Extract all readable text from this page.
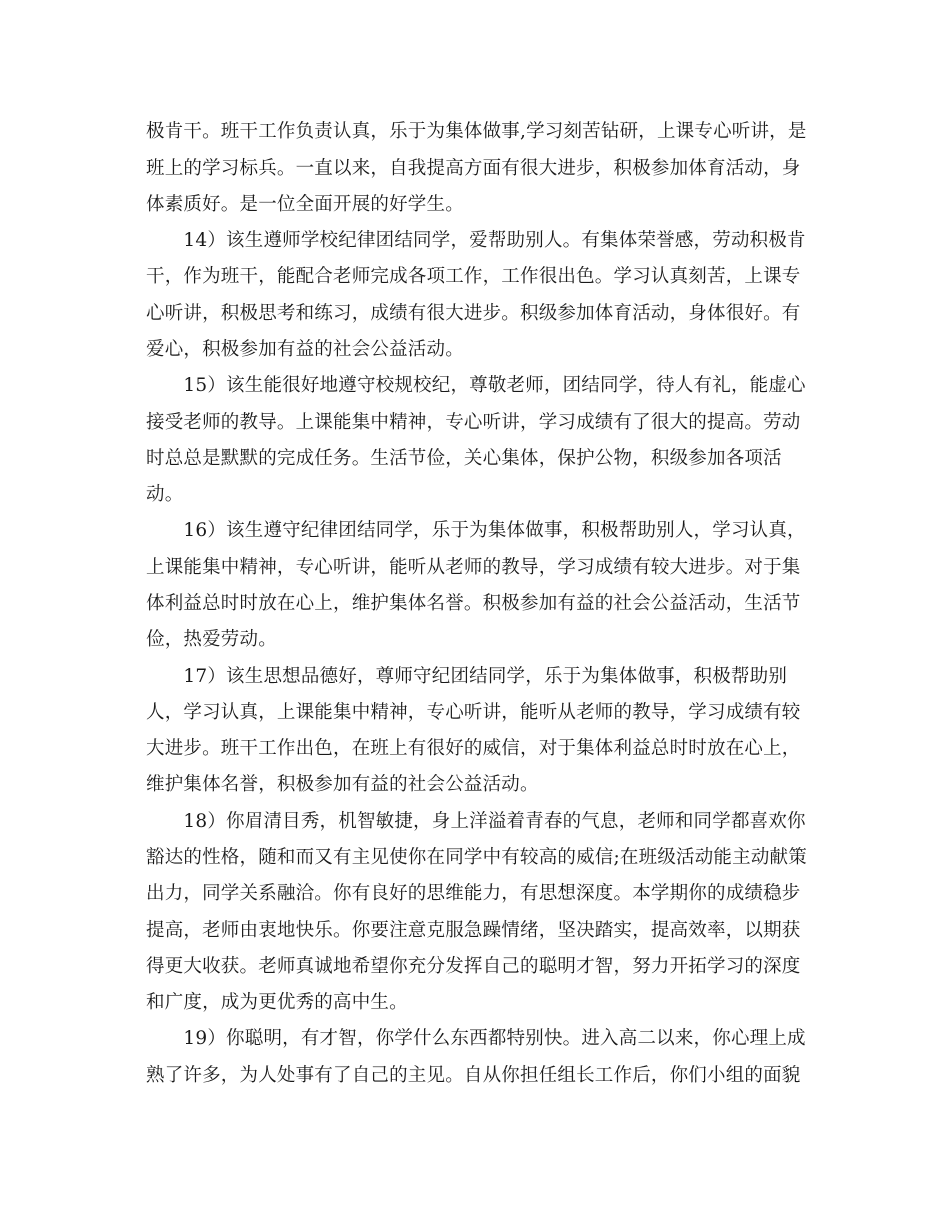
极肯干。班干工作负责认真，乐于为集体做事,学习刻苦钻研，上课专心听讲，是
班上的学习标兵。一直以来，自我提高方面有很大进步，积极参加体育活动，身
体素质好。是一位全面开展的好学生。
　　14）该生遵师学校纪律团结同学，爱帮助别人。有集体荣誉感，劳动积极肯
干，作为班干，能配合老师完成各项工作，工作很出色。学习认真刻苦，上课专
心听讲，积极思考和练习，成绩有很大进步。积级参加体育活动，身体很好。有
爱心，积极参加有益的社会公益活动。
　　15）该生能很好地遵守校规校纪，尊敬老师，团结同学，待人有礼，能虚心
接受老师的教导。上课能集中精神，专心听讲，学习成绩有了很大的提高。劳动
时总总是默默的完成任务。生活节俭，关心集体，保护公物，积级参加各项活
动。
　　16）该生遵守纪律团结同学，乐于为集体做事，积极帮助别人，学习认真，
上课能集中精神，专心听讲，能听从老师的教导，学习成绩有较大进步。对于集
体利益总时时放在心上，维护集体名誉。积极参加有益的社会公益活动，生活节
俭，热爱劳动。
　　17）该生思想品德好，尊师守纪团结同学，乐于为集体做事，积极帮助别
人，学习认真，上课能集中精神，专心听讲，能听从老师的教导，学习成绩有较
大进步。班干工作出色，在班上有很好的威信，对于集体利益总时时放在心上，
维护集体名誉，积极参加有益的社会公益活动。
　　18）你眉清目秀，机智敏捷，身上洋溢着青春的气息，老师和同学都喜欢你
豁达的性格，随和而又有主见使你在同学中有较高的威信;在班级活动能主动献策
出力，同学关系融洽。你有良好的思维能力，有思想深度。本学期你的成绩稳步
提高，老师由衷地快乐。你要注意克服急躁情绪，坚决踏实，提高效率，以期获
得更大收获。老师真诚地希望你充分发挥自己的聪明才智，努力开拓学习的深度
和广度，成为更优秀的高中生。
　　19）你聪明，有才智，你学什么东西都特别快。进入高二以来，你心理上成
熟了许多，为人处事有了自己的主见。自从你担任组长工作后，你们小组的面貌
